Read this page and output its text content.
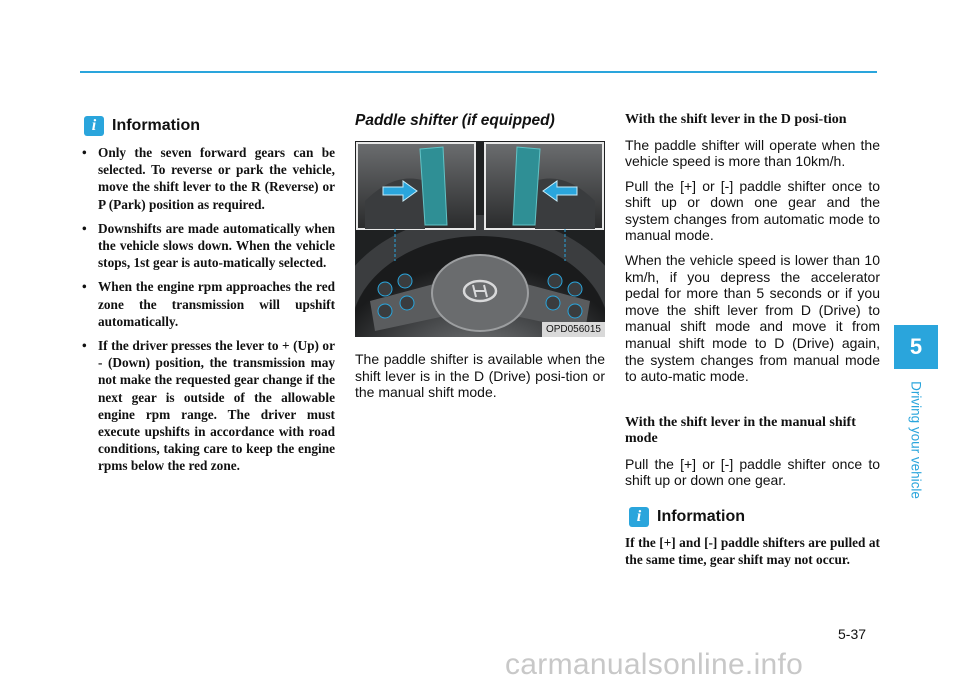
i Information
• Only the seven forward gears can be selected. To reverse or park the vehicle, move the shift lever to the R (Reverse) or P (Park) position as required.
• Downshifts are made automatically when the vehicle slows down. When the vehicle stops, 1st gear is auto-matically selected.
• When the engine rpm approaches the red zone the transmission will upshift automatically.
• If the driver presses the lever to + (Up) or - (Down) position, the transmission may not make the requested gear change if the next gear is outside of the allowable engine rpm range. The driver must execute upshifts in accordance with road conditions, taking care to keep the engine rpms below the red zone.
Paddle shifter (if equipped)
OPD056015

The paddle shifter is available when the shift lever is in the D (Drive) posi-tion or the manual shift mode.

With the shift lever in the D posi-tion

The paddle shifter will operate when the vehicle speed is more than 10km/h.

Pull the [+] or [-] paddle shifter once to shift up or down one gear and the system changes from automatic mode to manual mode.

When the vehicle speed is lower than 10 km/h, if you depress the accelerator pedal for more than 5 seconds or if you move the shift lever from D (Drive) to manual shift mode and move it from manual shift mode to D (Drive) again, the system changes from manual mode to auto-matic mode.

With the shift lever in the manual shift mode

Pull the [+] or [-] paddle shifter once to shift up or down one gear.

i Information

If the [+] and [-] paddle shifters are pulled at the same time, gear shift may not occur.

5
Driving your vehicle
5-37
carmanualsonline.info
